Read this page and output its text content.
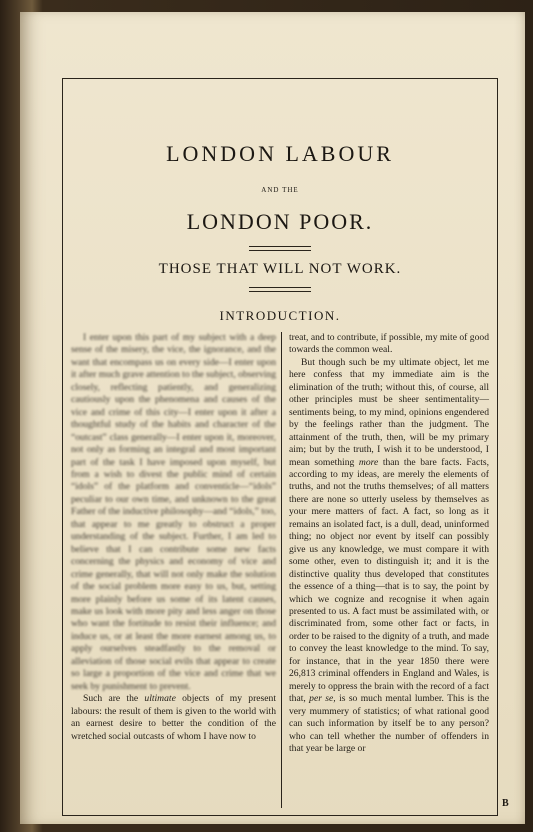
LONDON LABOUR
AND THE
LONDON POOR.
THOSE THAT WILL NOT WORK.
INTRODUCTION.

I enter upon this part of my subject with a deep sense of the misery, the vice, the ignorance, and the want that encompass us on every side—I enter upon it after much grave attention to the subject, observing closely, reflecting patiently, and generalizing cautiously upon the phenomena and causes of the vice and crime of this city—I enter upon it after a thoughtful study of the habits and character of the “outcast” class generally—I enter upon it, moreover, not only as forming an integral and most important part of the task I have imposed upon myself, but from a wish to divest the public mind of certain “idols” of the platform and conventicle—“idols” peculiar to our own time, and unknown to the great Father of the inductive philosophy—and “idols,” too, that appear to me greatly to obstruct a proper understanding of the subject. Further, I am led to believe that I can contribute some new facts concerning the physics and economy of vice and crime generally, that will not only make the solution of the social problem more easy to us, but, setting more plainly before us some of its latent causes, make us look with more pity and less anger on those who want the fortitude to resist their influence; and induce us, or at least the more earnest among us, to apply ourselves steadfastly to the removal or alleviation of those social evils that appear to create so large a proportion of the vice and crime that we seek by punishment to prevent.

Such are the ultimate objects of my present labours: the result of them is given to the world with an earnest desire to better the condition of the wretched social outcasts of whom I have now to

treat, and to contribute, if possible, my mite of good towards the common weal.

But though such be my ultimate object, let me here confess that my immediate aim is the elimination of the truth; without this, of course, all other principles must be sheer sentimentality—sentiments being, to my mind, opinions engendered by the feelings rather than the judgment. The attainment of the truth, then, will be my primary aim; but by the truth, I wish it to be understood, I mean something more than the bare facts. Facts, according to my ideas, are merely the elements of truths, and not the truths themselves; of all matters there are none so utterly useless by themselves as your mere matters of fact. A fact, so long as it remains an isolated fact, is a dull, dead, uninformed thing; no object nor event by itself can possibly give us any knowledge, we must compare it with some other, even to distinguish it; and it is the distinctive quality thus developed that constitutes the essence of a thing—that is to say, the point by which we cognize and recognise it when again presented to us. A fact must be assimilated with, or discriminated from, some other fact or facts, in order to be raised to the dignity of a truth, and made to convey the least knowledge to the mind. To say, for instance, that in the year 1850 there were 26,813 criminal offenders in England and Wales, is merely to oppress the brain with the record of a fact that, per se, is so much mental lumber. This is the very mummery of statistics; of what rational good can such information by itself be to any person? who can tell whether the number of offenders in that year be large or

B
